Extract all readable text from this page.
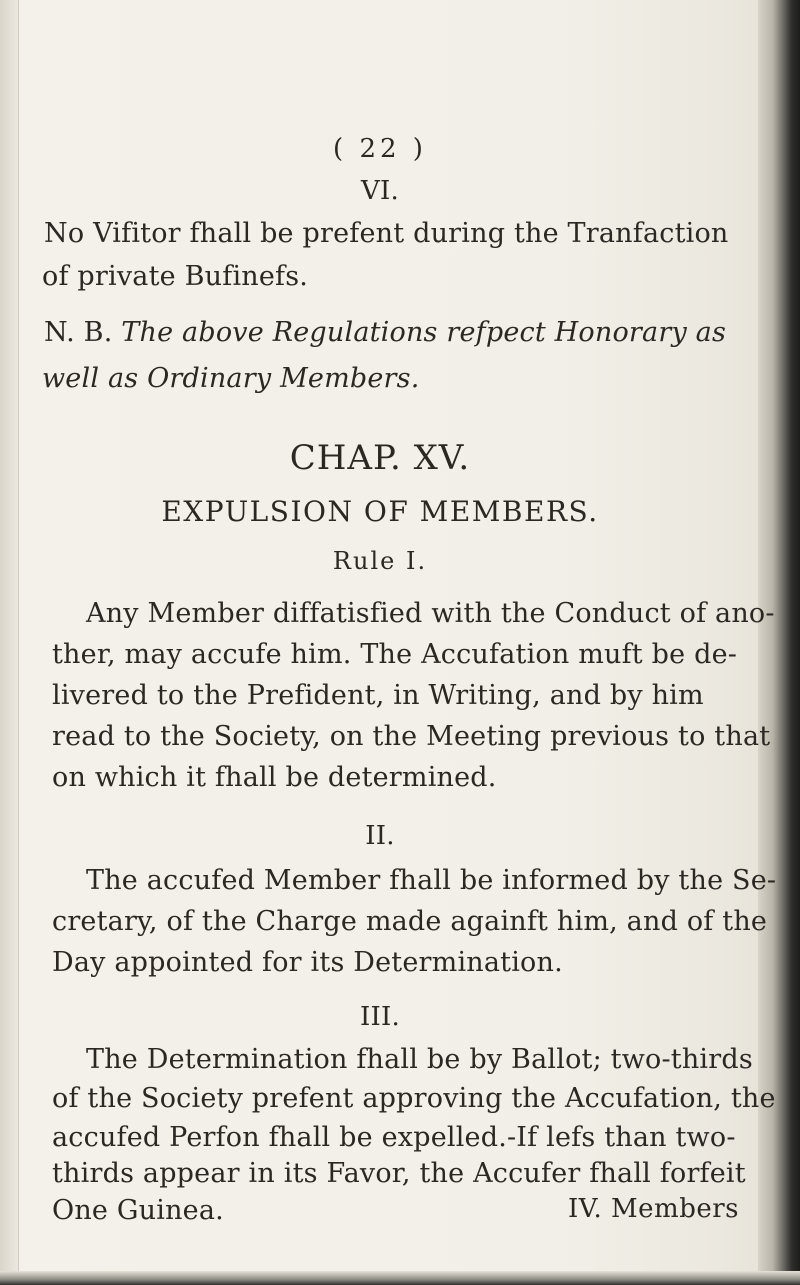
( 22 )
VI.
No Vifitor fhall be prefent during the Tranfaction
of private Bufinefs.
N. B. The above Regulations refpect Honorary as
well as Ordinary Members.
CHAP. XV.
EXPULSION OF MEMBERS.
Rule I.
Any Member diffatisfied with the Conduct of ano-
ther, may accufe him. The Accufation muft be de-
livered to the Prefident, in Writing, and by him
read to the Society, on the Meeting previous to that
on which it fhall be determined.
II.
The accufed Member fhall be informed by the Se-
cretary, of the Charge made againft him, and of the
Day appointed for its Determination.
III.
The Determination fhall be by Ballot; two-thirds
of the Society prefent approving the Accufation, the
accufed Perfon fhall be expelled.-If lefs than two-
thirds appear in its Favor, the Accufer fhall forfeit
One Guinea.	IV. Members
